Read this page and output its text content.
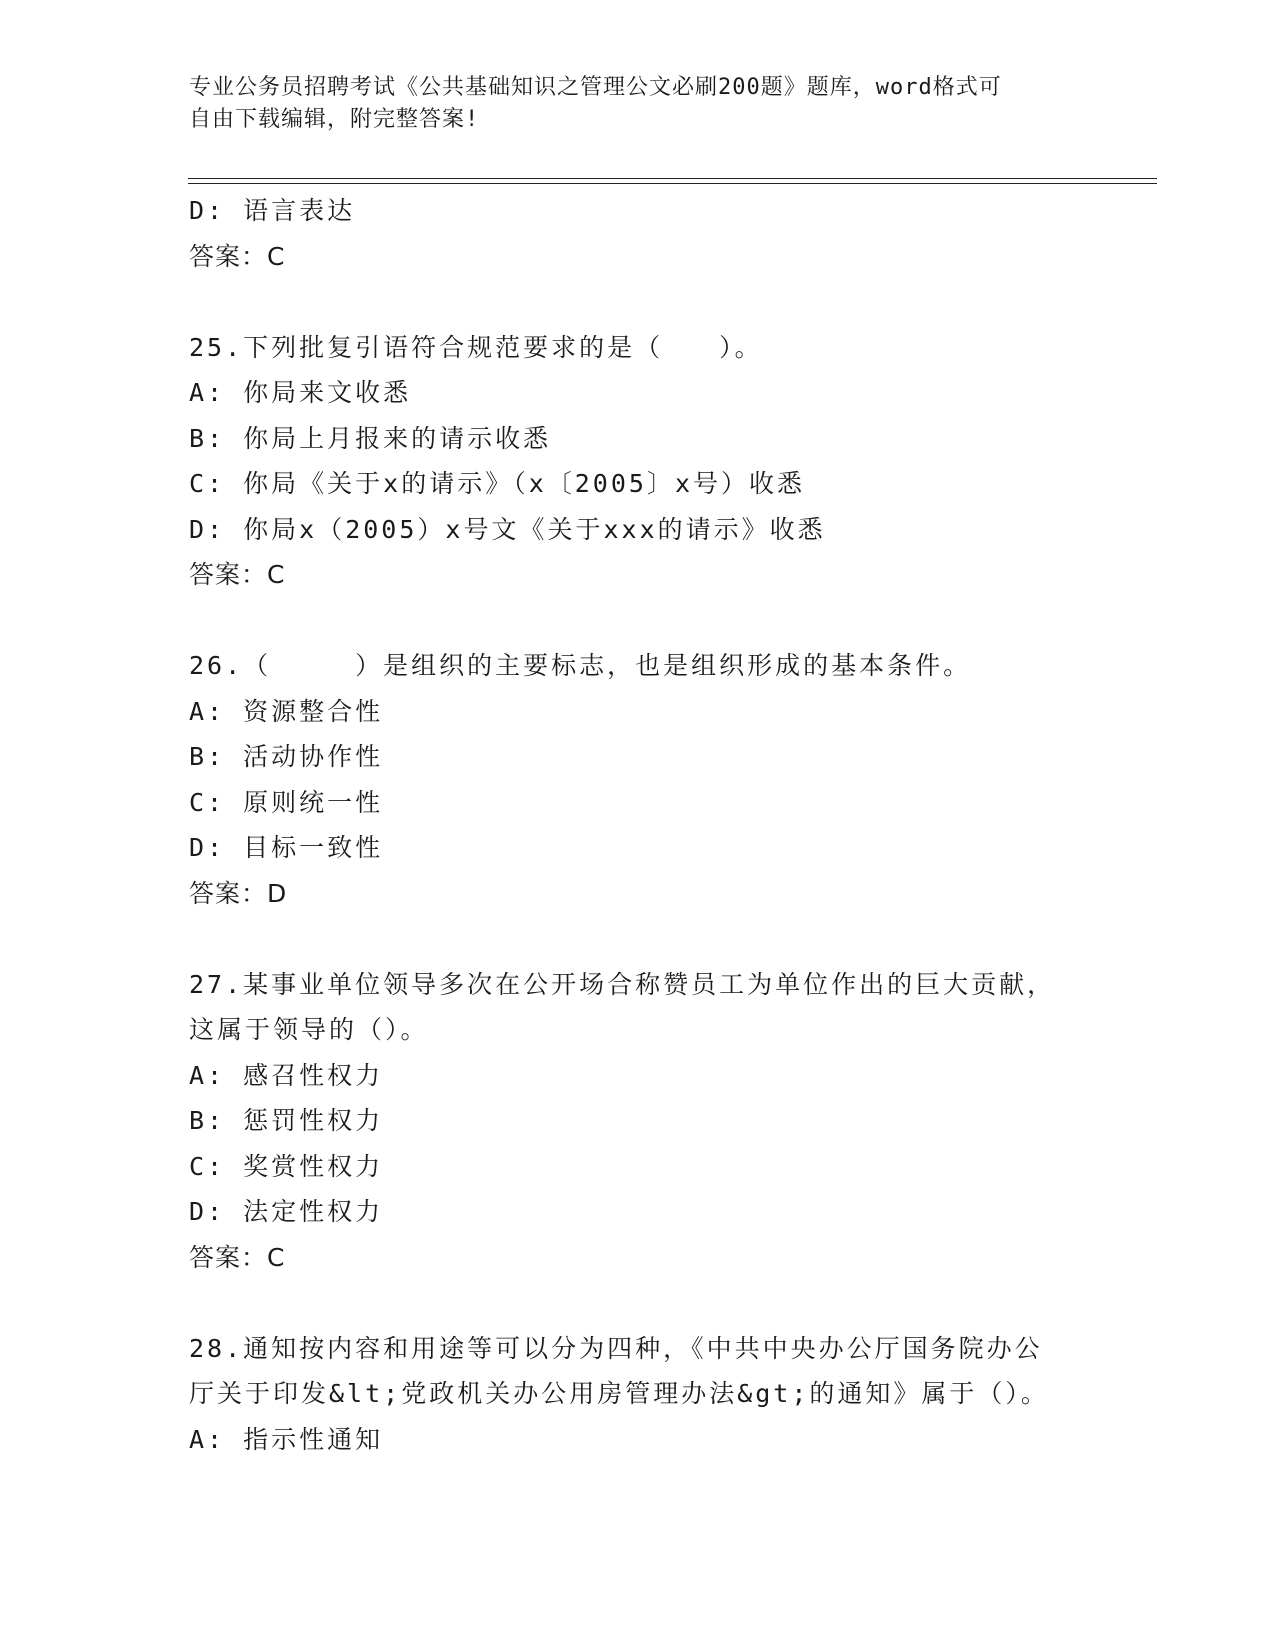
专业公务员招聘考试《公共基础知识之管理公文必刷200题》题库，word格式可
自由下载编辑，附完整答案!

D: 语言表达

答案：C

25.下列批复引语符合规范要求的是（　　）。

A: 你局来文收悉

B: 你局上月报来的请示收悉

C: 你局《关于x的请示》（x〔2005〕x号）收悉

D: 你局x（2005）x号文《关于xxx的请示》收悉

答案：C

26.（　　　）是组织的主要标志，也是组织形成的基本条件。

A: 资源整合性

B: 活动协作性

C: 原则统一性

D: 目标一致性

答案：D

27.某事业单位领导多次在公开场合称赞员工为单位作出的巨大贡献，

这属于领导的（）。

A: 感召性权力

B: 惩罚性权力

C: 奖赏性权力

D: 法定性权力

答案：C

28.通知按内容和用途等可以分为四种，《中共中央办公厅国务院办公

厅关于印发&lt;党政机关办公用房管理办法&gt;的通知》属于（）。

A: 指示性通知
